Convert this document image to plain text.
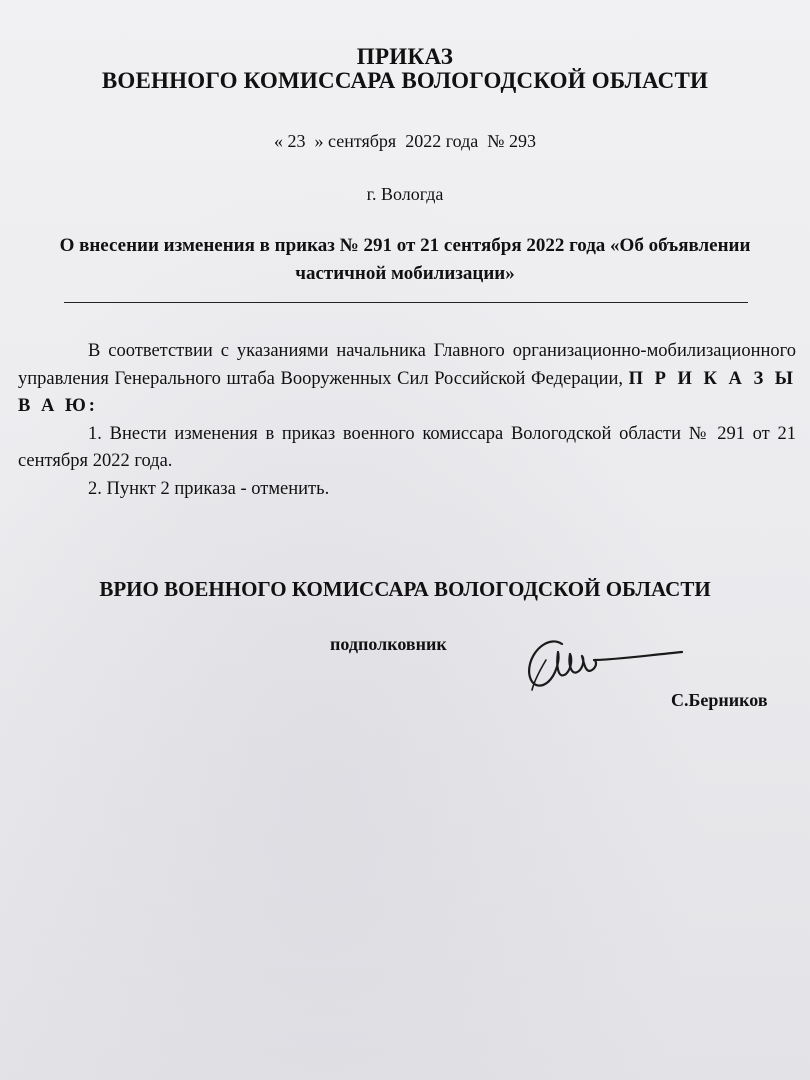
ПРИКАЗ
ВОЕННОГО КОМИССАРА ВОЛОГОДСКОЙ ОБЛАСТИ
« 23  » сентября  2022 года  № 293
г. Вологда
О внесении изменения в приказ № 291 от 21 сентября 2022 года «Об объявлении частичной мобилизации»

В соответствии с указаниями начальника Главного организационно-мобилизационного управления Генерального штаба Вооруженных Сил Российской Федерации, П Р И К А З Ы В А Ю:

1. Внести изменения в приказ военного комиссара Вологодской области № 291 от 21 сентября 2022 года.

2. Пункт 2 приказа - отменить.

ВРИО ВОЕННОГО КОМИССАРА ВОЛОГОДСКОЙ ОБЛАСТИ
подполковник
С.Берников
